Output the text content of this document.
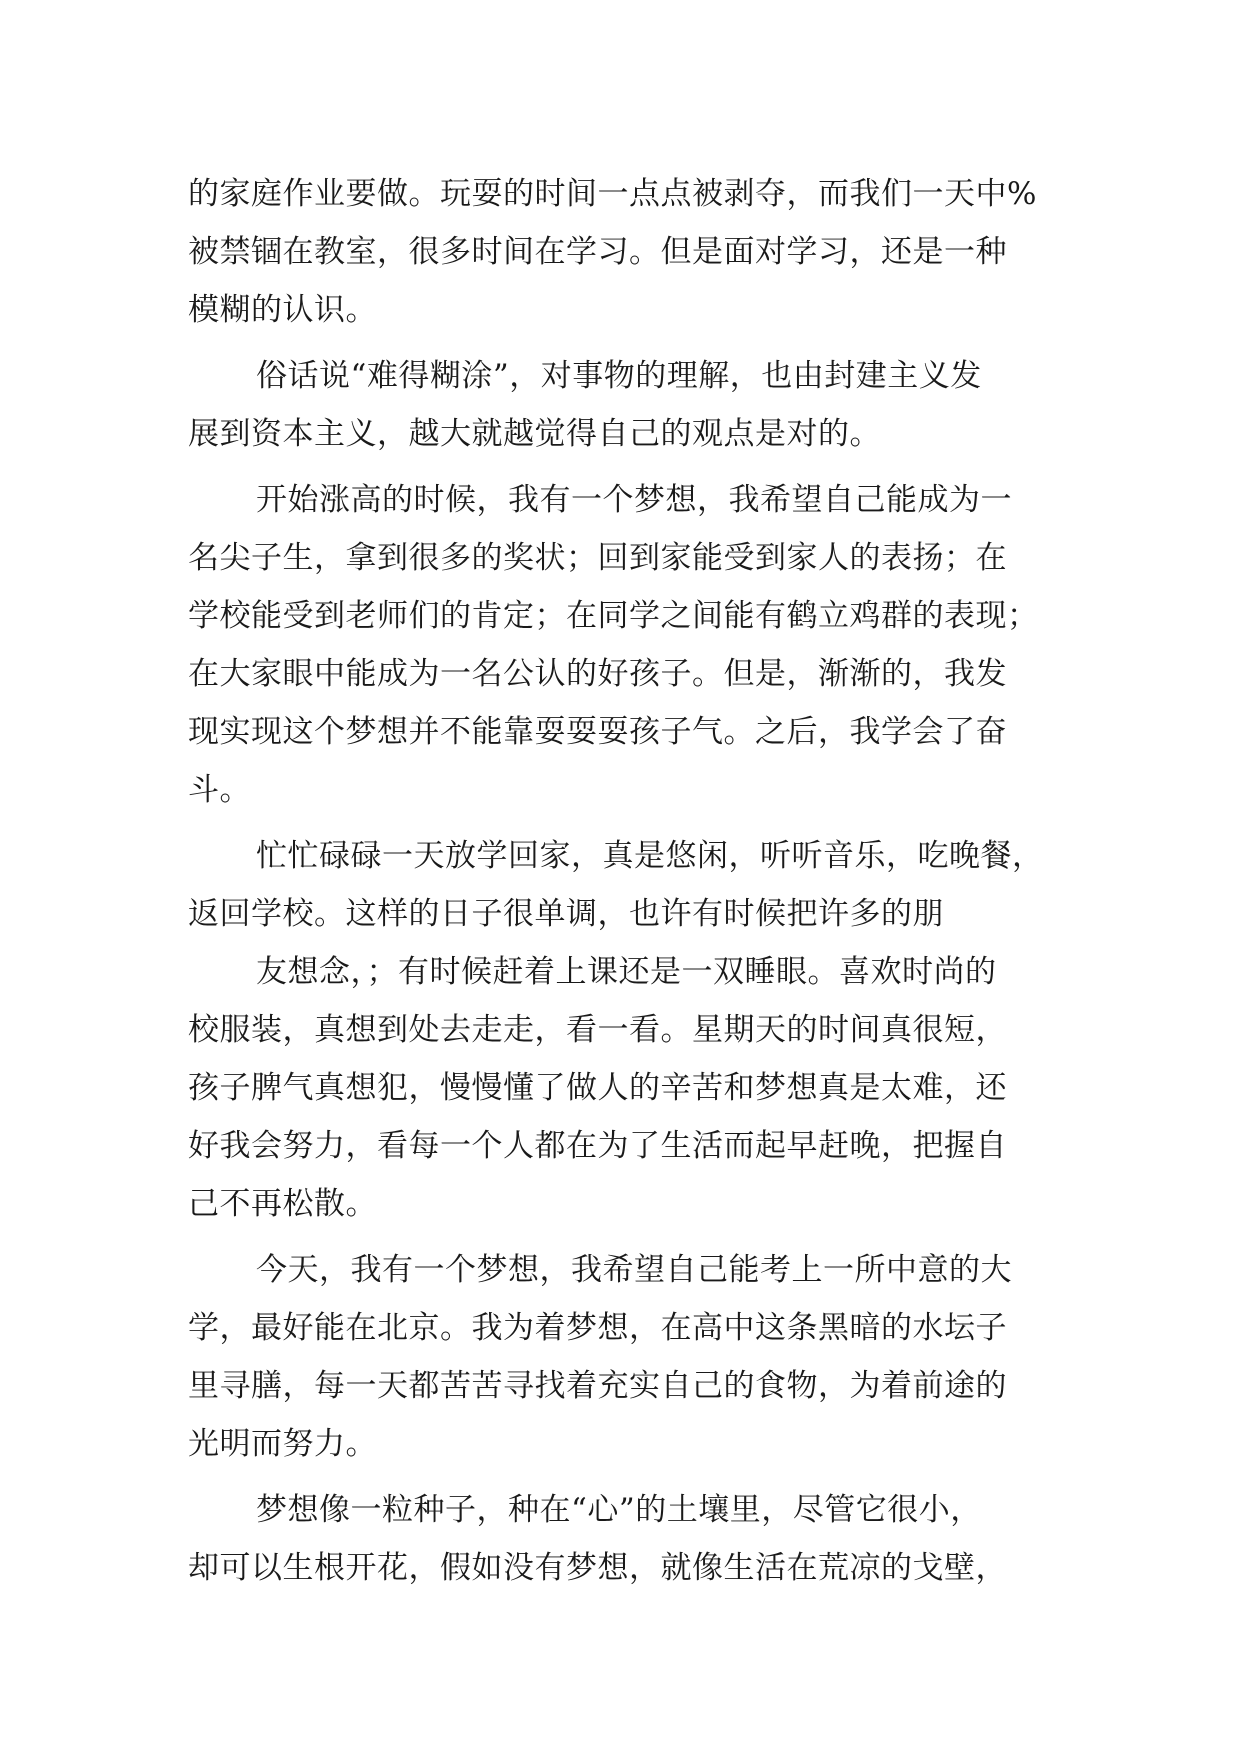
的家庭作业要做。玩耍的时间一点点被剥夺，而我们一天中%
被禁锢在教室，很多时间在学习。但是面对学习，还是一种
模糊的认识。
俗话说“难得糊涂”，对事物的理解，也由封建主义发
展到资本主义，越大就越觉得自己的观点是对的。
开始涨高的时候，我有一个梦想，我希望自己能成为一
名尖子生，拿到很多的奖状；回到家能受到家人的表扬；在
学校能受到老师们的肯定；在同学之间能有鹤立鸡群的表现；
在大家眼中能成为一名公认的好孩子。但是，渐渐的，我发
现实现这个梦想并不能靠耍耍耍孩子气。之后，我学会了奋
斗。
忙忙碌碌一天放学回家，真是悠闲，听听音乐，吃晚餐，
返回学校。这样的日子很单调，也许有时候把许多的朋
友想念，；有时候赶着上课还是一双睡眼。喜欢时尚的
校服装，真想到处去走走，看一看。星期天的时间真很短，
孩子脾气真想犯，慢慢懂了做人的辛苦和梦想真是太难，还
好我会努力，看每一个人都在为了生活而起早赶晚，把握自
己不再松散。
今天，我有一个梦想，我希望自己能考上一所中意的大
学，最好能在北京。我为着梦想，在高中这条黑暗的水坛子
里寻膳，每一天都苦苦寻找着充实自己的食物，为着前途的
光明而努力。
梦想像一粒种子，种在“心”的土壤里，尽管它很小，
却可以生根开花，假如没有梦想，就像生活在荒凉的戈壁，
